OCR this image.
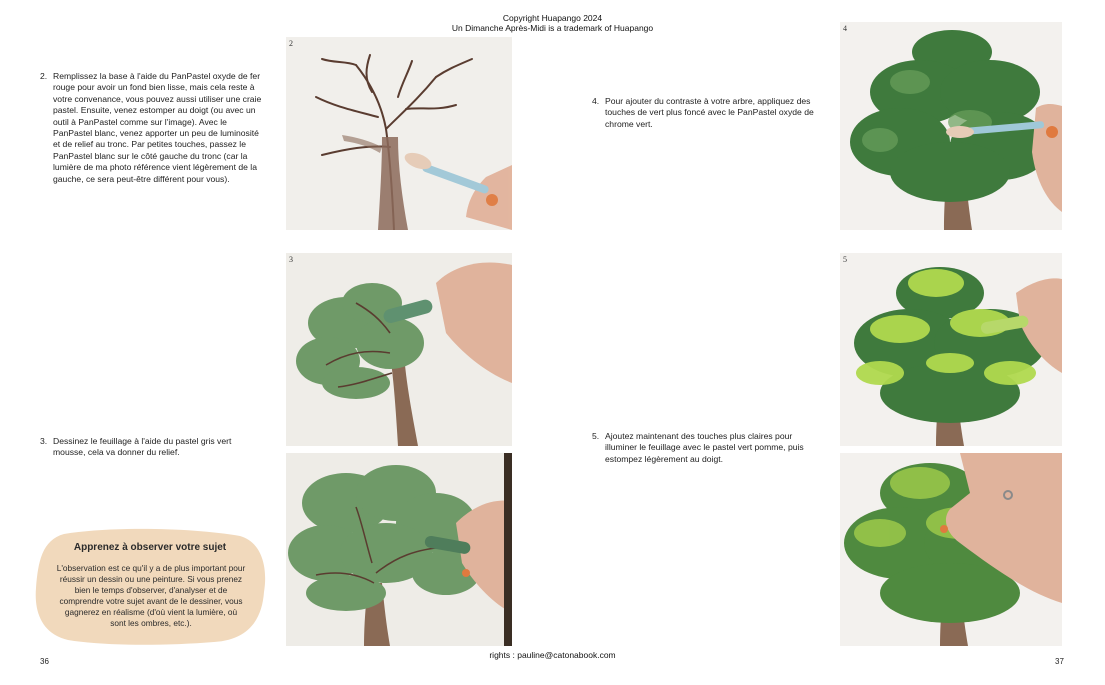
Copyright Huapango 2024
Un Dimanche Après-Midi is a trademark of Huapango
2. Remplissez la base à l'aide du PanPastel oxyde de fer rouge pour avoir un fond bien lisse, mais cela reste à votre convenance, vous pouvez aussi utiliser une craie pastel. Ensuite, venez estomper au doigt (ou avec un outil à PanPastel comme sur l'image). Avec le PanPastel blanc, venez apporter un peu de luminosité et de relief au tronc. Par petites touches, passez le PanPastel blanc sur le côté gauche du tronc (car la lumière de ma photo référence vient légèrement de la gauche, ce sera peut-être différent pour vous).
3. Dessinez le feuillage à l'aide du pastel gris vert mousse, cela va donner du relief.
4. Pour ajouter du contraste à votre arbre, appliquez des touches de vert plus foncé avec le PanPastel oxyde de chrome vert.
5. Ajoutez maintenant des touches plus claires pour illuminer le feuillage avec le pastel vert pomme, puis estompez légèrement au doigt.
2
3
4
5
Apprenez à observer votre sujet
L'observation est ce qu'il y a de plus important pour réussir un dessin ou une peinture. Si vous prenez bien le temps d'observer, d'analyser et de comprendre votre sujet avant de le dessiner, vous gagnerez en réalisme (d'où vient la lumière, où sont les ombres, etc.).
rights : pauline@catonabook.com
36	37
